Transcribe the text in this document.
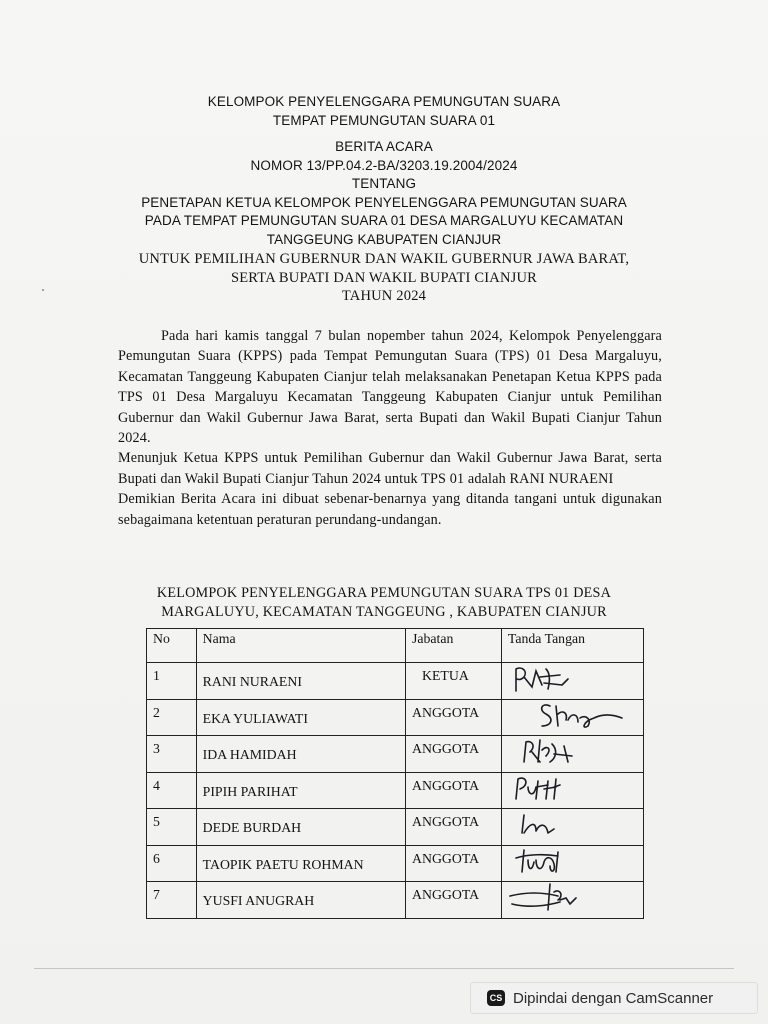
KELOMPOK PENYELENGGARA PEMUNGUTAN SUARA
TEMPAT PEMUNGUTAN SUARA 01
BERITA ACARA
NOMOR 13/PP.04.2-BA/3203.19.2004/2024
TENTANG
PENETAPAN KETUA KELOMPOK PENYELENGGARA PEMUNGUTAN SUARA
PADA TEMPAT PEMUNGUTAN SUARA 01 DESA MARGALUYU KECAMATAN
TANGGEUNG KABUPATEN CIANJUR
UNTUK PEMILIHAN GUBERNUR DAN WAKIL GUBERNUR JAWA BARAT,
SERTA BUPATI DAN WAKIL BUPATI CIANJUR
TAHUN 2024

Pada hari kamis tanggal 7 bulan nopember tahun 2024, Kelompok Penyelenggara Pemungutan Suara (KPPS) pada Tempat Pemungutan Suara (TPS) 01 Desa Margaluyu, Kecamatan Tanggeung Kabupaten Cianjur telah melaksanakan Penetapan Ketua KPPS pada TPS 01 Desa Margaluyu Kecamatan Tanggeung Kabupaten Cianjur untuk Pemilihan Gubernur dan Wakil Gubernur Jawa Barat, serta Bupati dan Wakil Bupati Cianjur Tahun 2024.

Menunjuk Ketua KPPS untuk Pemilihan Gubernur dan Wakil Gubernur Jawa Barat, serta Bupati dan Wakil Bupati Cianjur Tahun 2024 untuk TPS 01 adalah RANI NURAENI

Demikian Berita Acara ini dibuat sebenar-benarnya yang ditanda tangani untuk digunakan sebagaimana ketentuan peraturan perundang-undangan.

KELOMPOK PENYELENGGARA PEMUNGUTAN SUARA TPS 01 DESA
MARGALUYU, KECAMATAN TANGGEUNG , KABUPATEN CIANJUR
No	Nama	Jabatan	Tanda Tangan
1	RANI NURAENI	KETUA	

2	EKA YULIAWATI	ANGGOTA	

3	IDA HAMIDAH	ANGGOTA	

4	PIPIH PARIHAT	ANGGOTA	

5	DEDE BURDAH	ANGGOTA	

6	TAOPIK PAETU ROHMAN	ANGGOTA	

7	YUSFI ANUGRAH	ANGGOTA	
CS Dipindai dengan CamScanner
